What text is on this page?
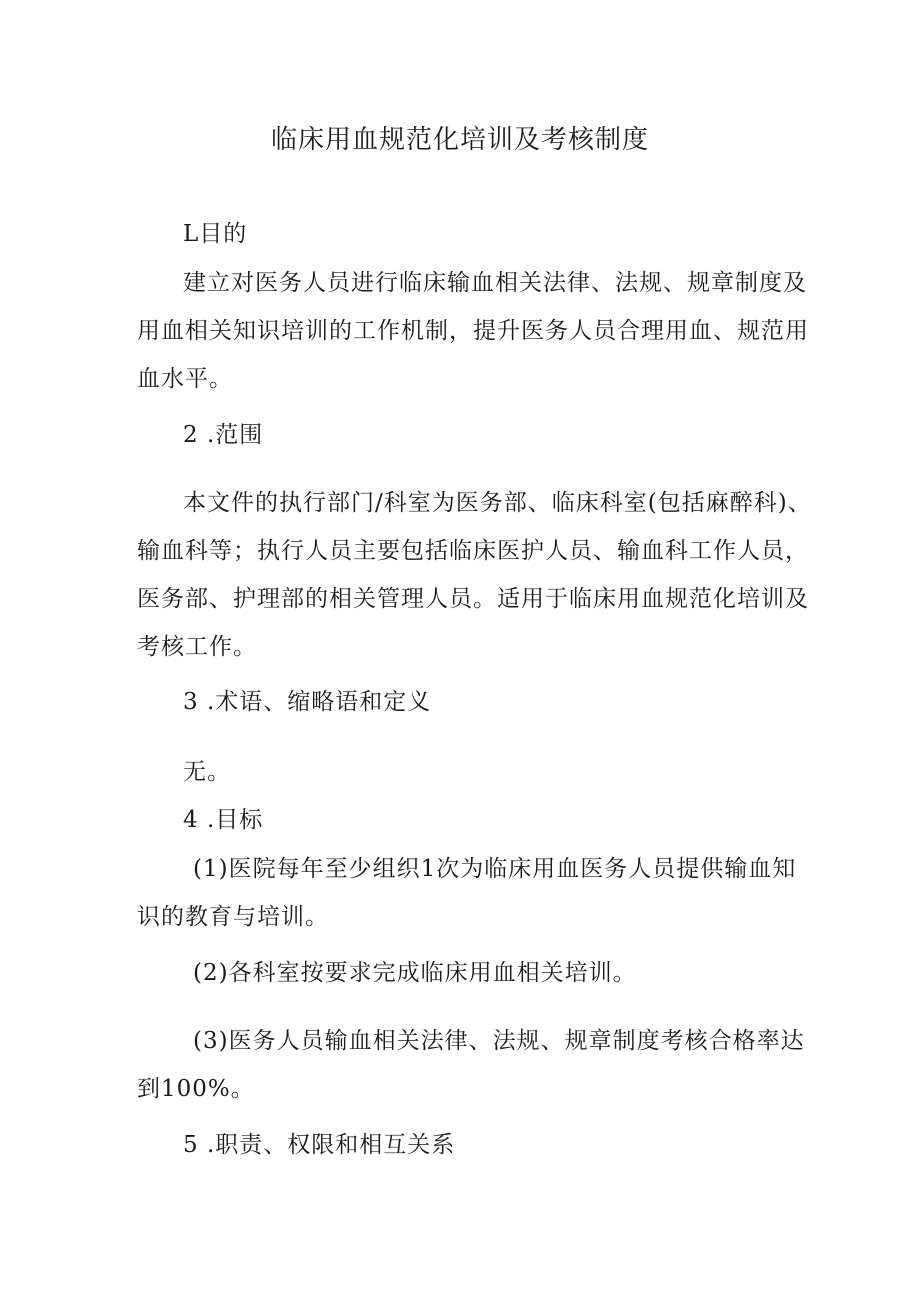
临床用血规范化培训及考核制度
L目的
建立对医务人员进行临床输血相关法律、法规、规章制度及
用血相关知识培训的工作机制，提升医务人员合理用血、规范用
血水平。
2 .范围
本文件的执行部门/科室为医务部、临床科室(包括麻醉科)、
输血科等；执行人员主要包括临床医护人员、输血科工作人员，
医务部、护理部的相关管理人员。适用于临床用血规范化培训及
考核工作。
3 .术语、缩略语和定义
无。
4 .目标
(1)医院每年至少组织1次为临床用血医务人员提供输血知
识的教育与培训。
(2)各科室按要求完成临床用血相关培训。
(3)医务人员输血相关法律、法规、规章制度考核合格率达
到100%。
5 .职责、权限和相互关系
